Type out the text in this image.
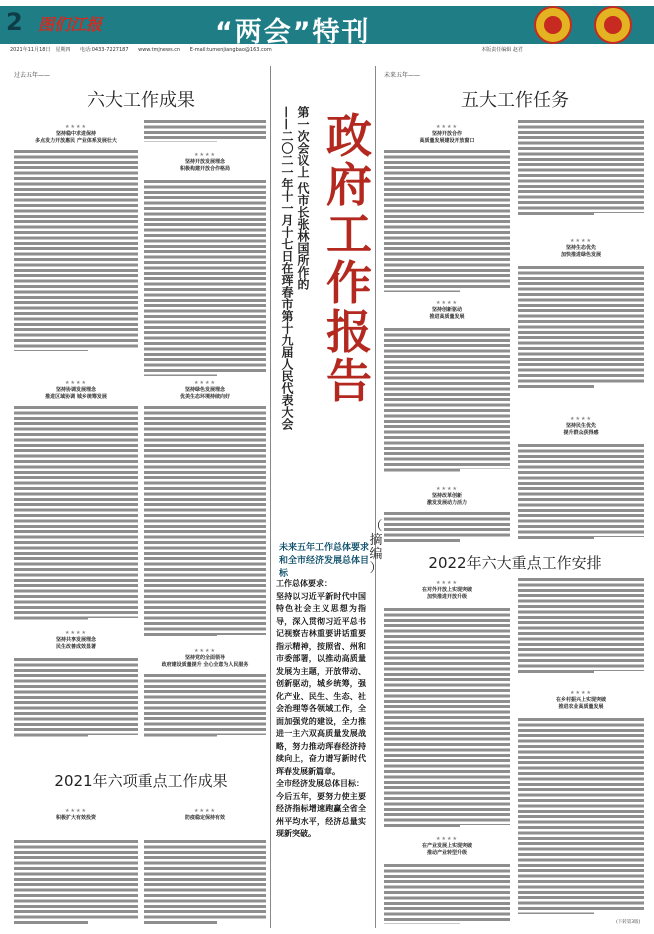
2 图们江报	“两会”特刊
2021年11月18日　星期四 电话:0433-7227187 www.tmjnews.cn E-mail:tumenjiangbao@163.com	本版责任编辑 赵君
过去五年——
六大工作成果
★★★★
坚持稳中求进保持
多点发力开放惠民 产业体系发展壮大
★★★★
坚持开放发展理念
积极构建开放合作格局
★★★★
坚持协调发展理念
推进区域协调 城乡统筹发展
★★★★
坚持绿色发展理念
优美生态环境持续向好
★★★★
坚持共享发展理念
民生改善成效显著
★★★★
坚持党的全面领导
政府建设质量提升 全心全意为人民服务
2021年六项重点工作成果
★★★★
积极扩大有效投资
★★★★
防疫稳定保持有效
第一次会议上 代市长张林国所作的
——二〇二一年十一月十七日在珲春市第十九届人民代表大会 政
府
工
作
报
告
（
摘
编
）
未来五年工作总体要求和全市经济发展总体目标

工作总体要求：

坚持以习近平新时代中国特色社会主义思想为指导，深入贯彻习近平总书记视察吉林重要讲话重要指示精神，按照省、州和市委部署，以推动高质量发展为主题，开放带动、创新驱动，城乡统筹，强化产业、民生、生态、社会治理等各领域工作，全面加强党的建设，全力推进一主六双高质量发展战略，努力推动珲春经济持续向上，奋力谱写新时代珲春发展新篇章。

全市经济发展总体目标：

今后五年，要努力使主要经济指标增速跑赢全省全州平均水平，经济总量实现新突破。

未来五年——
五大工作任务
★★★★
坚持开放合作
高质量发展建设开放窗口
★★★★
坚持生态优先
加快推进绿色发展
★★★★
坚持创新驱动
推进高质量发展
★★★★
坚持民生优先
提升群众获得感
★★★★
坚持改革创新
激发发展动力活力
2022年六大重点工作安排
★★★★
在对外开放上实现突破
加快推进开放升级
★★★★
在乡村振兴上实现突破
推进农业高质量发展
★★★★
在产业发展上实现突破
推动产业转型升级
(下转第3版)
